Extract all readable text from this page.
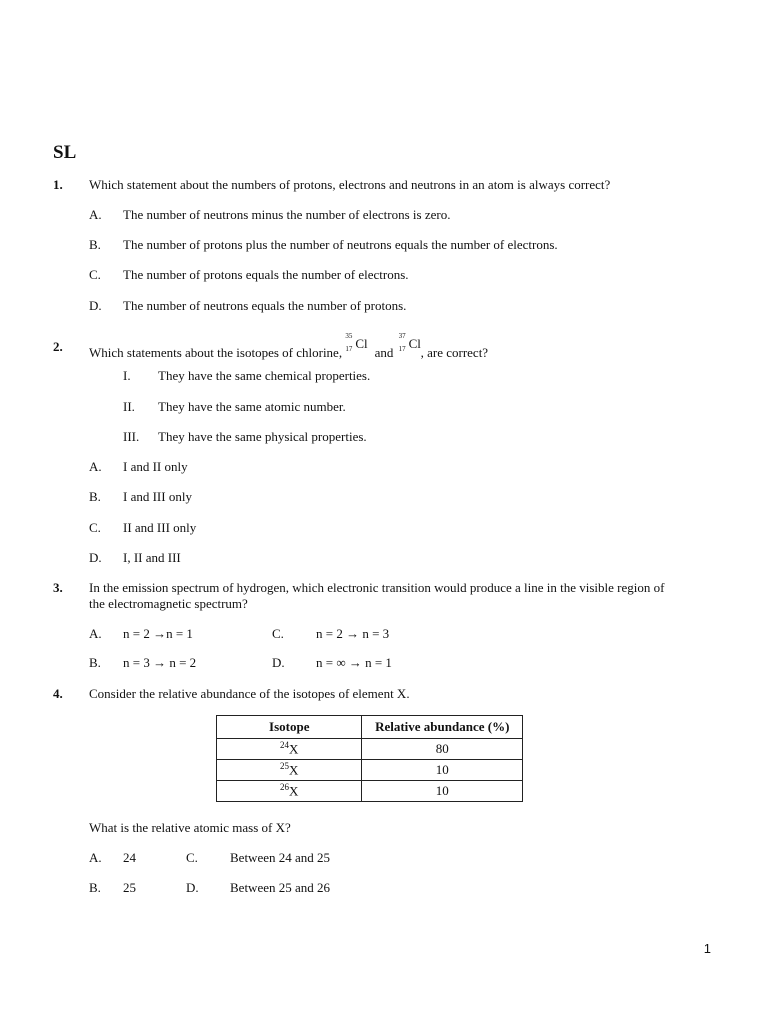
SL
1. Which statement about the numbers of protons, electrons and neutrons in an atom is always correct?
A. The number of neutrons minus the number of electrons is zero.
B. The number of protons plus the number of neutrons equals the number of electrons.
C. The number of protons equals the number of electrons.
D. The number of neutrons equals the number of protons.
2. Which statements about the isotopes of chlorine,
35
17 Cl
and
37
17 Cl
, are correct?
I. They have the same chemical properties.
II. They have the same atomic number.
III. They have the same physical properties.
A. I and II only
B. I and III only
C. II and III only
D. I, II and III
3. In the emission spectrum of hydrogen, which electronic transition would produce a line in the visible region of
the electromagnetic spectrum?
A. n = 2 →n = 1	C. n = 2 → n = 3
B. n = 3 → n = 2	D. n = ∞ → n = 1
4. Consider the relative abundance of the isotopes of element X.
Isotope	Relative abundance (%)
$^{24}$X	80
$^{25}$X	10
$^{26}$X	10
What is the relative atomic mass of X?
A. 24	C. Between 24 and 25
B. 25	D. Between 25 and 26
1
